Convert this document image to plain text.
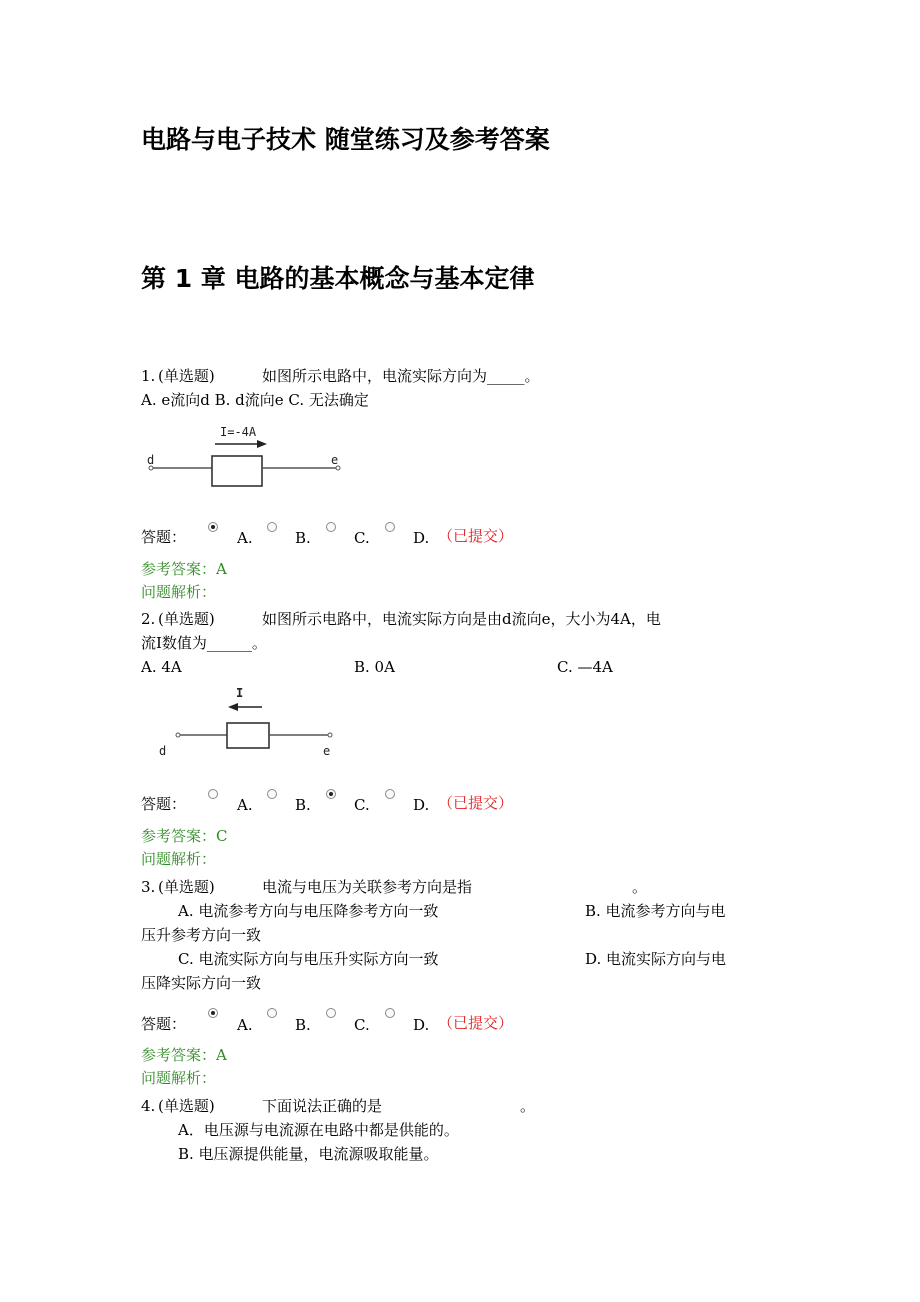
电路与电子技术 随堂练习及参考答案
第 1 章 电路的基本概念与基本定律
1. (单选题)	如图所示电路中，电流实际方向为_____。
A. e流向d B. d流向e C. 无法确定
I=-4A
d	e
答题：	A.	B.	C.	D. （已提交）
参考答案：A
问题解析：
2. (单选题)	如图所示电路中，电流实际方向是由d流向e，大小为4A，电
流I数值为______。
A. 4A	B. 0A	C. —4A
I
d	e
答题：	A.	B.	C.	D. （已提交）
参考答案：C
问题解析：
3. (单选题)	电流与电压为关联参考方向是指	。
A. 电流参考方向与电压降参考方向一致	B. 电流参考方向与电
压升参考方向一致
C. 电流实际方向与电压升实际方向一致	D. 电流实际方向与电
压降实际方向一致
答题：	A.	B.	C.	D. （已提交）
参考答案：A
问题解析：
4. (单选题)	下面说法正确的是	。
A．电压源与电流源在电路中都是供能的。
B. 电压源提供能量，电流源吸取能量。
